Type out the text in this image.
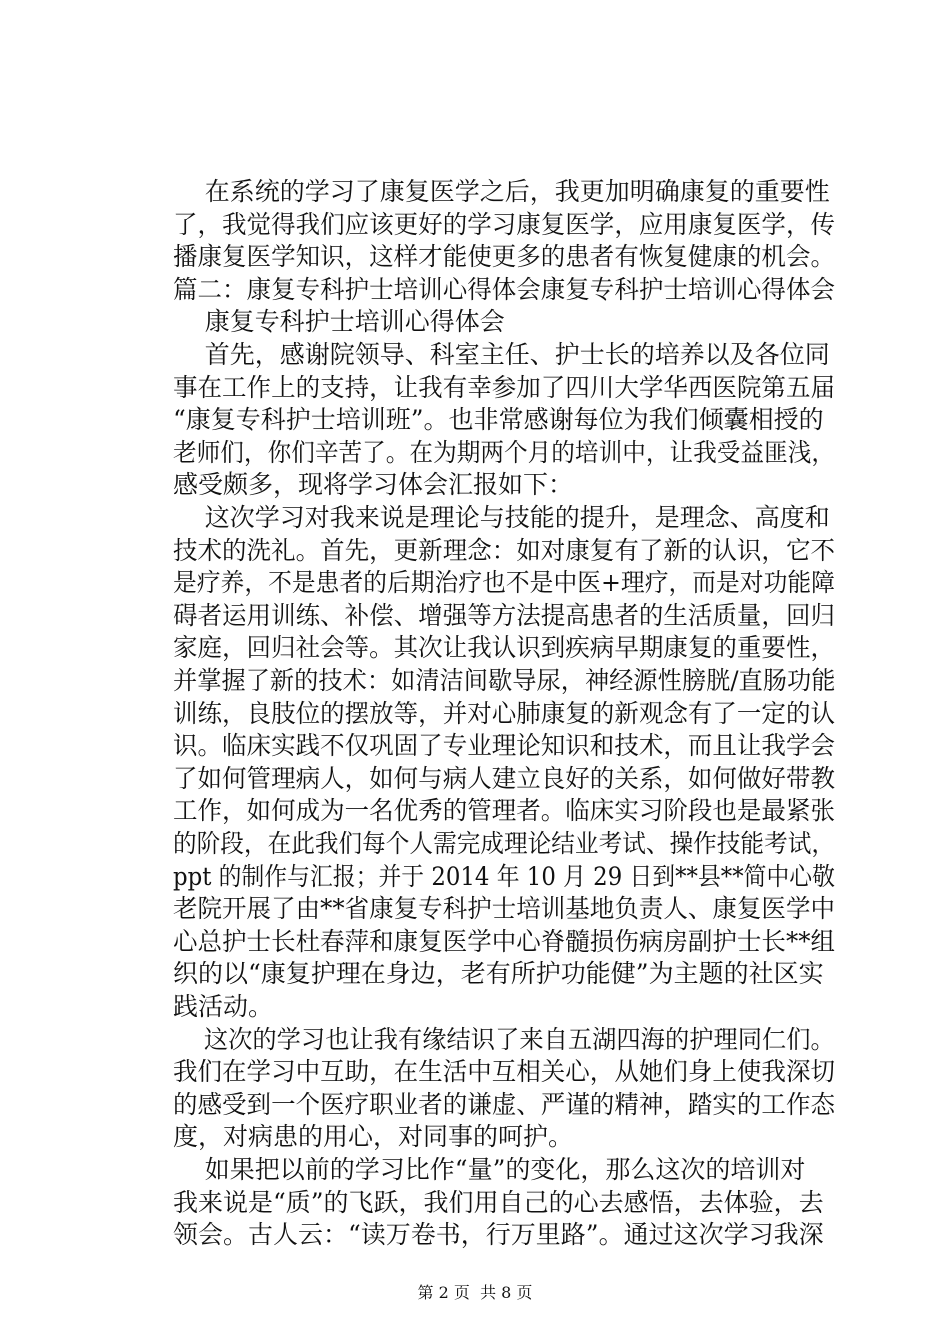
在系统的学习了康复医学之后，我更加明确康复的重要性
了，我觉得我们应该更好的学习康复医学，应用康复医学，传
播康复医学知识，这样才能使更多的患者有恢复健康的机会。
篇二：康复专科护士培训心得体会康复专科护士培训心得体会
康复专科护士培训心得体会
首先，感谢院领导、科室主任、护士长的培养以及各位同
事在工作上的支持，让我有幸参加了四川大学华西医院第五届
“康复专科护士培训班”。也非常感谢每位为我们倾囊相授的
老师们，你们辛苦了。在为期两个月的培训中，让我受益匪浅，
感受颇多，现将学习体会汇报如下：
这次学习对我来说是理论与技能的提升，是理念、高度和
技术的洗礼。首先，更新理念：如对康复有了新的认识，它不
是疗养，不是患者的后期治疗也不是中医+理疗，而是对功能障
碍者运用训练、补偿、增强等方法提高患者的生活质量，回归
家庭，回归社会等。其次让我认识到疾病早期康复的重要性，
并掌握了新的技术：如清洁间歇导尿，神经源性膀胱/直肠功能
训练，良肢位的摆放等，并对心肺康复的新观念有了一定的认
识。临床实践不仅巩固了专业理论知识和技术，而且让我学会
了如何管理病人，如何与病人建立良好的关系，如何做好带教
工作，如何成为一名优秀的管理者。临床实习阶段也是最紧张
的阶段，在此我们每个人需完成理论结业考试、操作技能考试，
ppt 的制作与汇报；并于 2014 年 10 月 29 日到**县**简中心敬
老院开展了由**省康复专科护士培训基地负责人、康复医学中
心总护士长杜春萍和康复医学中心脊髓损伤病房副护士长**组
织的以“康复护理在身边，老有所护功能健”为主题的社区实
践活动。
这次的学习也让我有缘结识了来自五湖四海的护理同仁们。
我们在学习中互助，在生活中互相关心，从她们身上使我深切
的感受到一个医疗职业者的谦虚、严谨的精神，踏实的工作态
度，对病患的用心，对同事的呵护。
如果把以前的学习比作“量”的变化，那么这次的培训对
我来说是“质”的飞跃，我们用自己的心去感悟，去体验，去
领会。古人云：“读万卷书，行万里路”。通过这次学习我深
第 2 页  共 8 页
